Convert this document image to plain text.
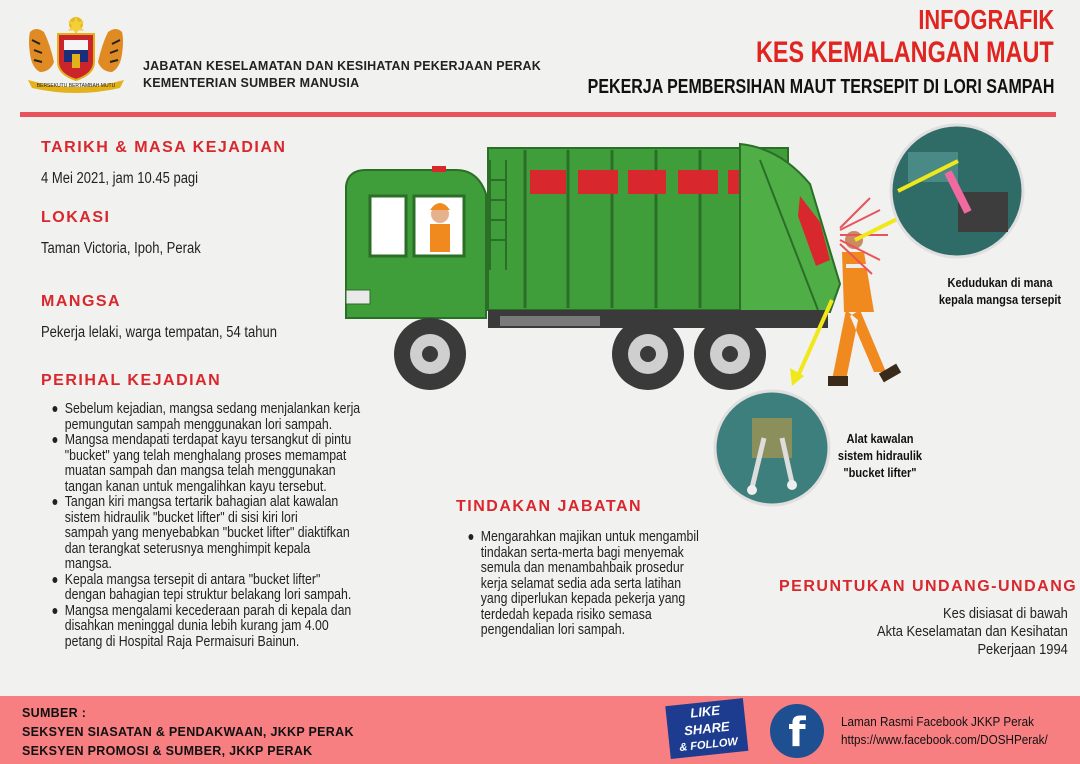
BERSEKUTU BERTAMBAH MUTU
JABATAN KESELAMATAN DAN KESIHATAN PEKERJAAN PERAK
KEMENTERIAN SUMBER MANUSIA
INFOGRAFIK
KES KEMALANGAN MAUT
PEKERJA PEMBERSIHAN MAUT TERSEPIT DI LORI SAMPAH
TARIKH & MASA KEJADIAN
4 Mei 2021, jam 10.45 pagi
LOKASI
Taman Victoria, Ipoh, Perak
MANGSA
Pekerja lelaki, warga tempatan, 54 tahun
PERIHAL KEJADIAN
Sebelum kejadian, mangsa sedang menjalankan kerja
pemungutan sampah menggunakan lori sampah.
Mangsa mendapati terdapat kayu tersangkut di pintu
"bucket" yang telah menghalang proses memampat
muatan sampah dan mangsa telah menggunakan
tangan kanan untuk mengalihkan kayu tersebut.
Tangan kiri mangsa tertarik bahagian alat kawalan
sistem hidraulik "bucket lifter" di sisi kiri lori
sampah yang menyebabkan "bucket lifter" diaktifkan
dan terangkat seterusnya menghimpit kepala
mangsa.
Kepala mangsa tersepit di antara "bucket lifter"
dengan bahagian tepi struktur belakang lori sampah.
Mangsa mengalami kecederaan parah di kepala dan
disahkan meninggal dunia lebih kurang jam 4.00
petang di Hospital Raja Permaisuri Bainun.
Kedudukan di mana
kepala mangsa tersepit
Alat kawalan
sistem hidraulik
"bucket lifter"
TINDAKAN JABATAN
Mengarahkan majikan untuk mengambil
tindakan serta-merta bagi menyemak
semula dan menambahbaik prosedur
kerja selamat sedia ada serta latihan
yang diperlukan kepada pekerja yang
terdedah kepada risiko semasa
pengendalian lori sampah.
PERUNTUKAN UNDANG-UNDANG
Kes disiasat di bawah
Akta Keselamatan dan Kesihatan
Pekerjaan 1994
SUMBER :
SEKSYEN SIASATAN & PENDAKWAAN, JKKP PERAK
SEKSYEN PROMOSI & SUMBER, JKKP PERAK
LIKE
SHARE
& FOLLOW	f	Laman Rasmi Facebook JKKP Perak
https://www.facebook.com/DOSHPerak/
